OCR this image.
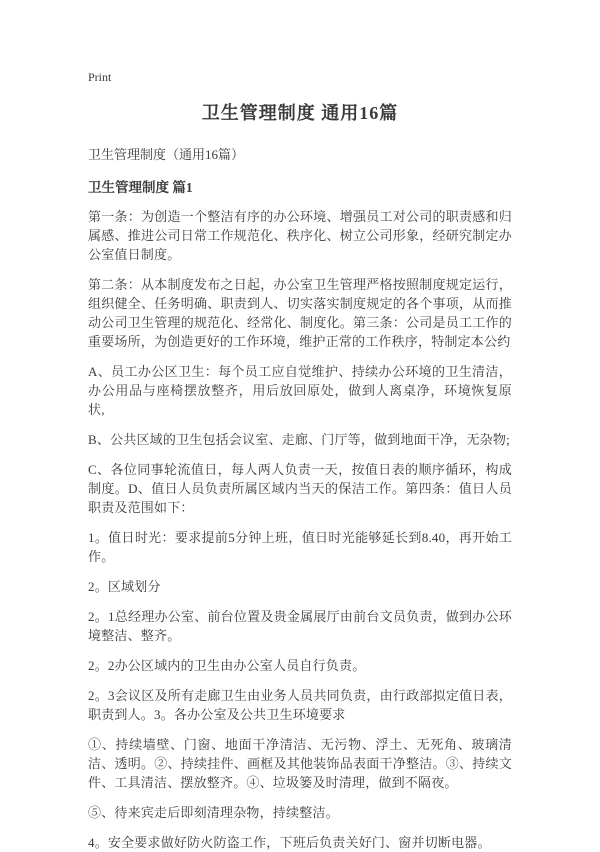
Print

卫生管理制度 通用16篇

卫生管理制度（通用16篇）

卫生管理制度 篇1

第一条：为创造一个整洁有序的办公环境、增强员工对公司的职责感和归属感、推进公司日常工作规范化、秩序化、树立公司形象，经研究制定办公室值日制度。

第二条：从本制度发布之日起，办公室卫生管理严格按照制度规定运行，组织健全、任务明确、职责到人、切实落实制度规定的各个事项，从而推动公司卫生管理的规范化、经常化、制度化。第三条：公司是员工工作的重要场所，为创造更好的工作环境，维护正常的工作秩序，特制定本公约

A、员工办公区卫生：每个员工应自觉维护、持续办公环境的卫生清洁，办公用品与座椅摆放整齐，用后放回原处，做到人离桌净，环境恢复原状,

B、公共区域的卫生包括会议室、走廊、门厅等，做到地面干净，无杂物;

C、各位同事轮流值日，每人两人负责一天，按值日表的顺序循环，构成制度。D、值日人员负责所属区域内当天的保洁工作。第四条：值日人员职责及范围如下：

1。值日时光：要求提前5分钟上班，值日时光能够延长到8.40，再开始工作。

2。区域划分

2。1总经理办公室、前台位置及贵金属展厅由前台文员负责，做到办公环境整洁、整齐。

2。2办公区域内的卫生由办公室人员自行负责。

2。3会议区及所有走廊卫生由业务人员共同负责，由行政部拟定值日表，职责到人。3。各办公室及公共卫生环境要求

①、持续墙壁、门窗、地面干净清洁、无污物、浮土、无死角、玻璃清洁、透明。②、持续挂件、画框及其他装饰品表面干净整洁。③、持续文件、工具清洁、摆放整齐。④、垃圾篓及时清理，做到不隔夜。

⑤、待来宾走后即刻清理杂物，持续整洁。

4。安全要求做好防火防盗工作，下班后负责关好门、窗并切断电器。
